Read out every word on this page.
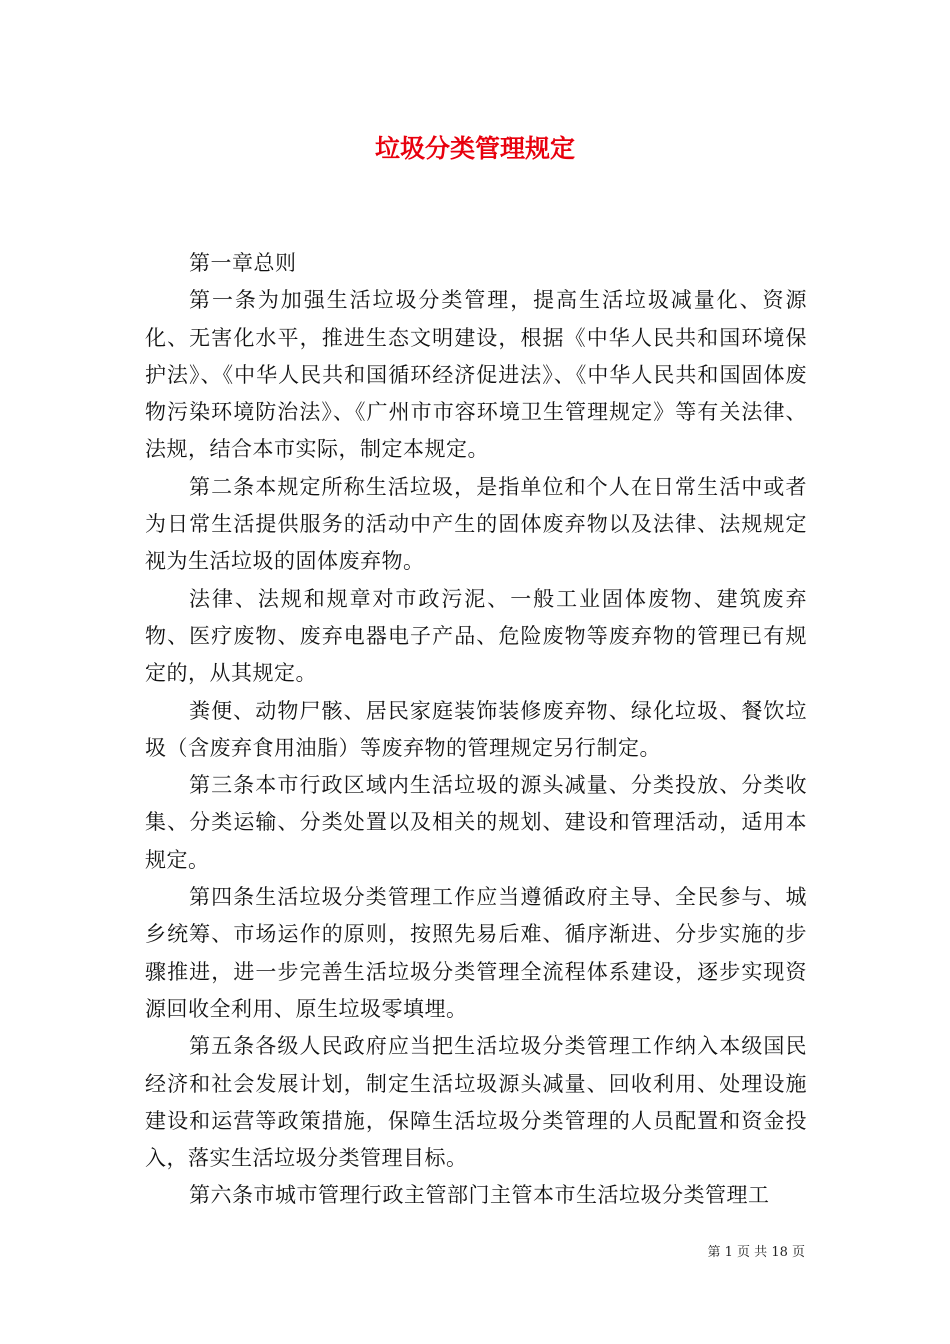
垃圾分类管理规定

第一章总则

第一条为加强生活垃圾分类管理，提高生活垃圾减量化、资源化、无害化水平，推进生态文明建设，根据《中华人民共和国环境保护法》、《中华人民共和国循环经济促进法》、《中华人民共和国固体废物污染环境防治法》、《广州市市容环境卫生管理规定》等有关法律、法规，结合本市实际，制定本规定。

第二条本规定所称生活垃圾，是指单位和个人在日常生活中或者为日常生活提供服务的活动中产生的固体废弃物以及法律、法规规定视为生活垃圾的固体废弃物。

法律、法规和规章对市政污泥、一般工业固体废物、建筑废弃物、医疗废物、废弃电器电子产品、危险废物等废弃物的管理已有规定的，从其规定。

粪便、动物尸骸、居民家庭装饰装修废弃物、绿化垃圾、餐饮垃圾（含废弃食用油脂）等废弃物的管理规定另行制定。

第三条本市行政区域内生活垃圾的源头减量、分类投放、分类收集、分类运输、分类处置以及相关的规划、建设和管理活动，适用本规定。

第四条生活垃圾分类管理工作应当遵循政府主导、全民参与、城乡统筹、市场运作的原则，按照先易后难、循序渐进、分步实施的步骤推进，进一步完善生活垃圾分类管理全流程体系建设，逐步实现资源回收全利用、原生垃圾零填埋。

第五条各级人民政府应当把生活垃圾分类管理工作纳入本级国民经济和社会发展计划，制定生活垃圾源头减量、回收利用、处理设施建设和运营等政策措施，保障生活垃圾分类管理的人员配置和资金投入，落实生活垃圾分类管理目标。

第六条市城市管理行政主管部门主管本市生活垃圾分类管理工

第 1 页 共 18 页
